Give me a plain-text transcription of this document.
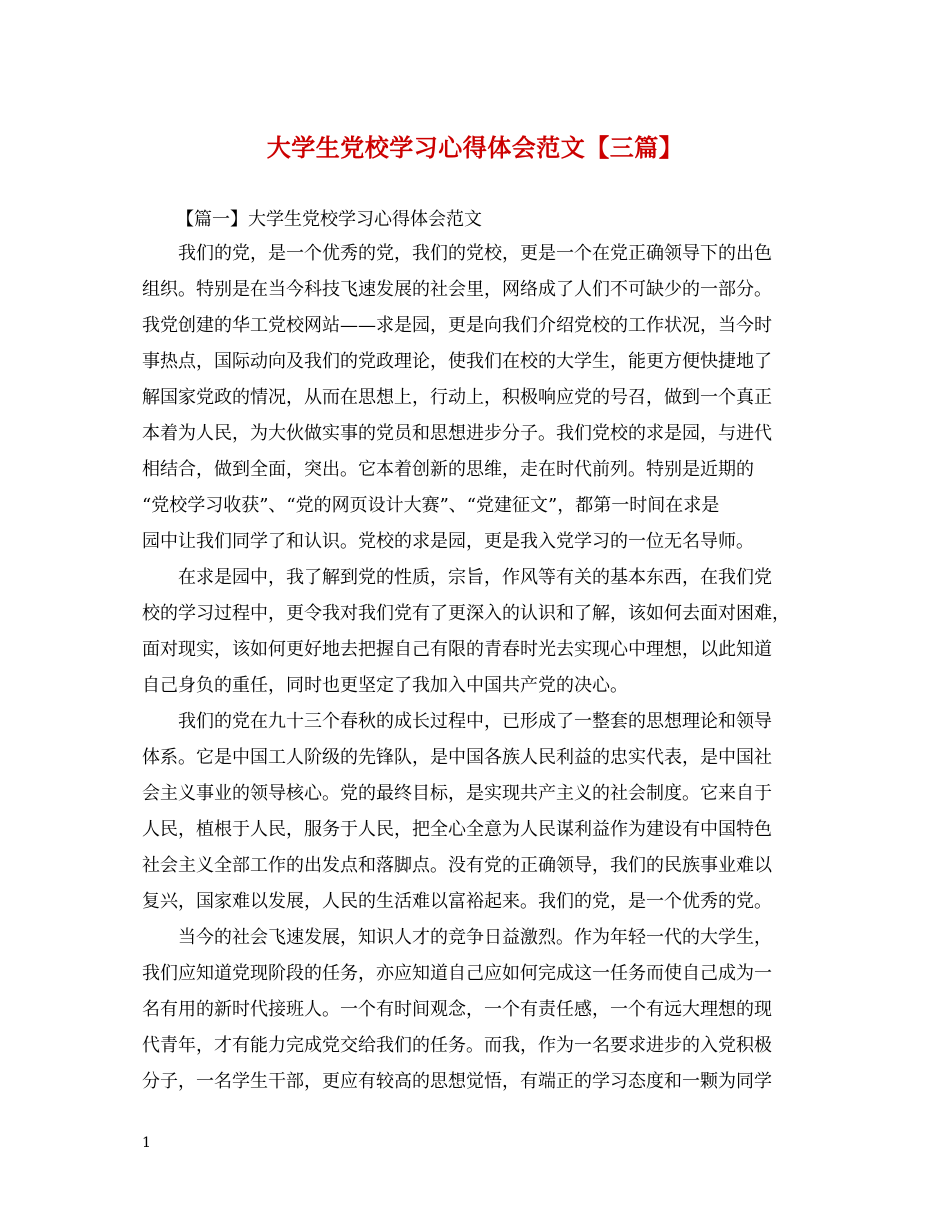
大学生党校学习心得体会范文【三篇】
【篇一】大学生党校学习心得体会范文
我们的党，是一个优秀的党，我们的党校，更是一个在党正确领导下的出色
组织。特别是在当今科技飞速发展的社会里，网络成了人们不可缺少的一部分。
我党创建的华工党校网站——求是园，更是向我们介绍党校的工作状况，当今时
事热点，国际动向及我们的党政理论，使我们在校的大学生，能更方便快捷地了
解国家党政的情况，从而在思想上，行动上，积极响应党的号召，做到一个真正
本着为人民，为大伙做实事的党员和思想进步分子。我们党校的求是园，与进代
相结合，做到全面，突出。它本着创新的思维，走在时代前列。特别是近期的
“党校学习收获”、“党的网页设计大赛”、“党建征文”，都第一时间在求是
园中让我们同学了和认识。党校的求是园，更是我入党学习的一位无名导师。
在求是园中，我了解到党的性质，宗旨，作风等有关的基本东西，在我们党
校的学习过程中，更令我对我们党有了更深入的认识和了解，该如何去面对困难，
面对现实，该如何更好地去把握自己有限的青春时光去实现心中理想，以此知道
自己身负的重任，同时也更坚定了我加入中国共产党的决心。
我们的党在九十三个春秋的成长过程中，已形成了一整套的思想理论和领导
体系。它是中国工人阶级的先锋队，是中国各族人民利益的忠实代表，是中国社
会主义事业的领导核心。党的最终目标，是实现共产主义的社会制度。它来自于
人民，植根于人民，服务于人民，把全心全意为人民谋利益作为建设有中国特色
社会主义全部工作的出发点和落脚点。没有党的正确领导，我们的民族事业难以
复兴，国家难以发展，人民的生活难以富裕起来。我们的党，是一个优秀的党。
当今的社会飞速发展，知识人才的竞争日益激烈。作为年轻一代的大学生，
我们应知道党现阶段的任务，亦应知道自己应如何完成这一任务而使自己成为一
名有用的新时代接班人。一个有时间观念，一个有责任感，一个有远大理想的现
代青年，才有能力完成党交给我们的任务。而我，作为一名要求进步的入党积极
分子，一名学生干部，更应有较高的思想觉悟，有端正的学习态度和一颗为同学
1
